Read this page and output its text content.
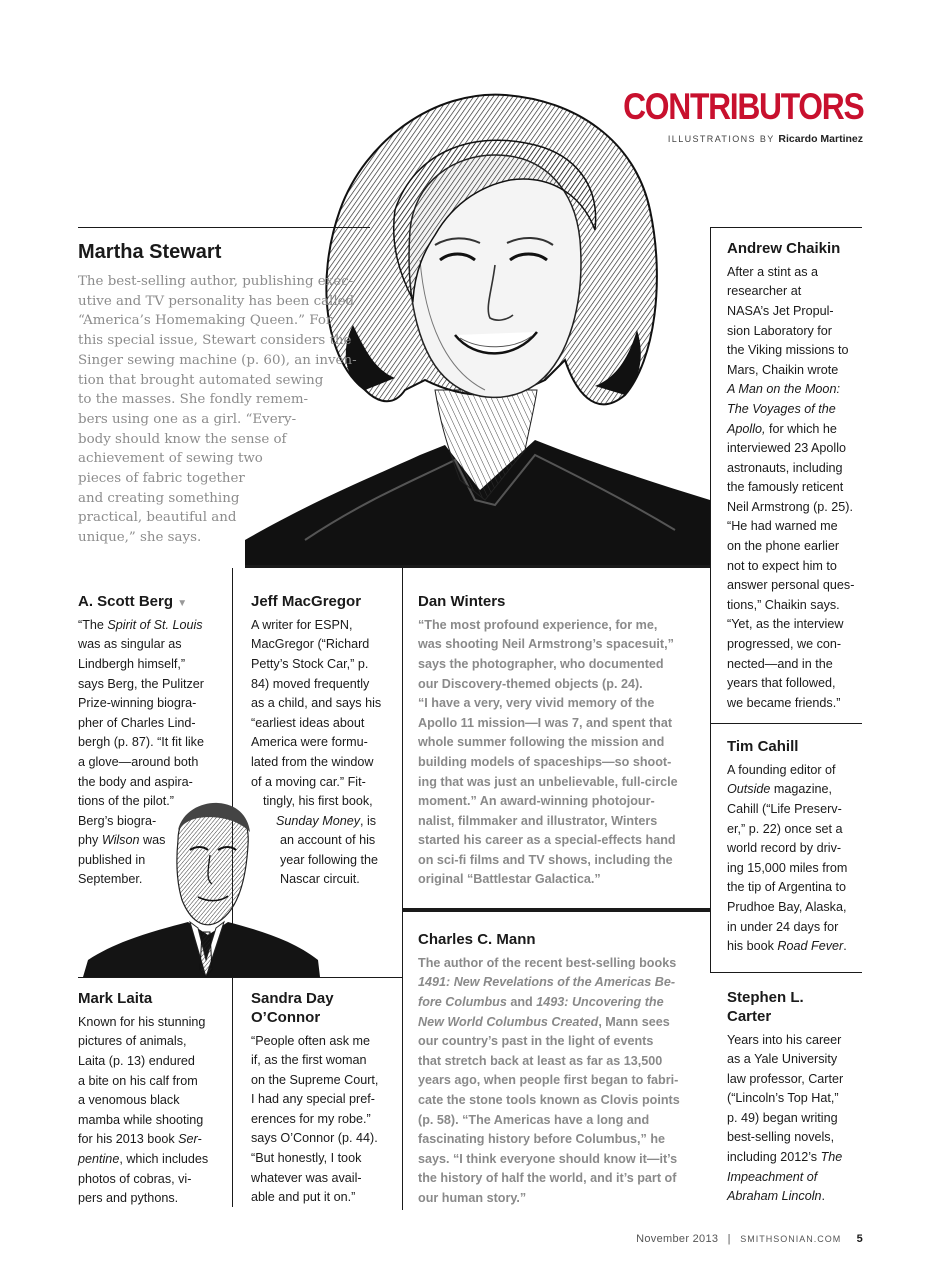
CONTRIBUTORS
ILLUSTRATIONS BY Ricardo Martinez
Martha Stewart
The best-selling author, publishing exec-
utive and TV personality has been called
“America’s Homemaking Queen.” For
this special issue, Stewart considers the
Singer sewing machine (p. 60), an inven-
tion that brought automated sewing
to the masses. She fondly remem-
bers using one as a girl. “Every-
body should know the sense of
achievement of sewing two
pieces of fabric together
and creating something
practical, beautiful and
unique,” she says.
Andrew Chaikin
After a stint as a
researcher at
NASA’s Jet Propul-
sion Laboratory for
the Viking missions to
Mars, Chaikin wrote
A Man on the Moon:
The Voyages of the
Apollo, for which he
interviewed 23 Apollo
astronauts, including
the famously reticent
Neil Armstrong (p. 25).
“He had warned me
on the phone earlier
not to expect him to
answer personal ques-
tions,” Chaikin says.
“Yet, as the interview
progressed, we con-
nected—and in the
years that followed,
we became friends.”
Tim Cahill
A founding editor of
Outside magazine,
Cahill (“Life Preserv-
er,” p. 22) once set a
world record by driv-
ing 15,000 miles from
the tip of Argentina to
Prudhoe Bay, Alaska,
in under 24 days for
his book Road Fever.
Stephen L.
Carter
Years into his career
as a Yale University
law professor, Carter
(“Lincoln’s Top Hat,”
p. 49) began writing
best-selling novels,
including 2012’s The
Impeachment of
Abraham Lincoln.
A. Scott Berg ▼
“The Spirit of St. Louis
was as singular as
Lindbergh himself,”
says Berg, the Pulitzer
Prize-winning biogra-
pher of Charles Lind-
bergh (p. 87). “It fit like
a glove—around both
the body and aspira-
tions of the pilot.”
Berg’s biogra-
phy Wilson was
published in
September.
Jeff MacGregor
A writer for ESPN,
MacGregor (“Richard
Petty’s Stock Car,” p.
84) moved frequently
as a child, and says his
“earliest ideas about
America were formu-
lated from the window
of a moving car.” Fit-
tingly, his first book,
Sunday Money, is
an account of his
year following the
Nascar circuit.
Dan Winters
“The most profound experience, for me,
was shooting Neil Armstrong’s spacesuit,”
says the photographer, who documented
our Discovery-themed objects (p. 24).
“I have a very, very vivid memory of the
Apollo 11 mission—I was 7, and spent that
whole summer following the mission and
building models of spaceships—so shoot-
ing that was just an unbelievable, full-circle
moment.” An award-winning photojour-
nalist, filmmaker and illustrator, Winters
started his career as a special-effects hand
on sci-fi films and TV shows, including the
original “Battlestar Galactica.”
Charles C. Mann
The author of the recent best-selling books
1491: New Revelations of the Americas Be-
fore Columbus and 1493: Uncovering the
New World Columbus Created, Mann sees
our country’s past in the light of events
that stretch back at least as far as 13,500
years ago, when people first began to fabri-
cate the stone tools known as Clovis points
(p. 58). “The Americas have a long and
fascinating history before Columbus,” he
says. “I think everyone should know it—it’s
the history of half the world, and it’s part of
our human story.”
Mark Laita
Known for his stunning
pictures of animals,
Laita (p. 13) endured
a bite on his calf from
a venomous black
mamba while shooting
for his 2013 book Ser-
pentine, which includes
photos of cobras, vi-
pers and pythons.
Sandra Day
O’Connor
“People often ask me
if, as the first woman
on the Supreme Court,
I had any special pref-
erences for my robe.”
says O’Connor (p. 44).
“But honestly, I took
whatever was avail-
able and put it on.”
November 2013 | SMITHSONIAN.COM 5
